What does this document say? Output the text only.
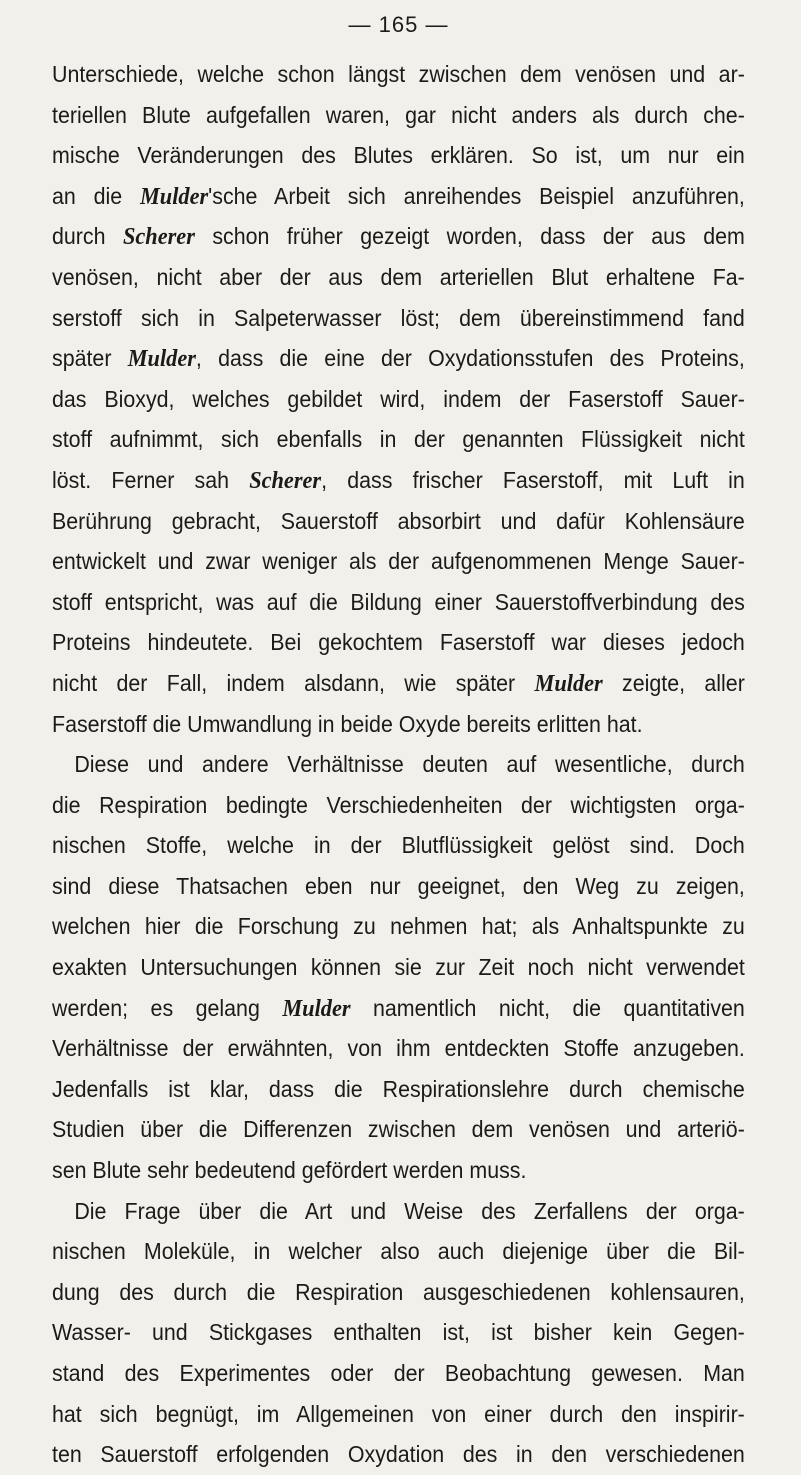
— 165 —
Unterschiede, welche schon längst zwischen dem venösen und ar-
teriellen Blute aufgefallen waren, gar nicht anders als durch che-
mische Veränderungen des Blutes erklären. So ist, um nur ein
an die Mulder'sche Arbeit sich anreihendes Beispiel anzuführen,
durch Scherer schon früher gezeigt worden, dass der aus dem
venösen, nicht aber der aus dem arteriellen Blut erhaltene Fa-
serstoff sich in Salpeterwasser löst; dem übereinstimmend fand
später Mulder, dass die eine der Oxydationsstufen des Proteins,
das Bioxyd, welches gebildet wird, indem der Faserstoff Sauer-
stoff aufnimmt, sich ebenfalls in der genannten Flüssigkeit nicht
löst. Ferner sah Scherer, dass frischer Faserstoff, mit Luft in
Berührung gebracht, Sauerstoff absorbirt und dafür Kohlensäure
entwickelt und zwar weniger als der aufgenommenen Menge Sauer-
stoff entspricht, was auf die Bildung einer Sauerstoffverbindung des
Proteins hindeutete. Bei gekochtem Faserstoff war dieses jedoch
nicht der Fall, indem alsdann, wie später Mulder zeigte, aller
Faserstoff die Umwandlung in beide Oxyde bereits erlitten hat.
Diese und andere Verhältnisse deuten auf wesentliche, durch
die Respiration bedingte Verschiedenheiten der wichtigsten orga-
nischen Stoffe, welche in der Blutflüssigkeit gelöst sind. Doch
sind diese Thatsachen eben nur geeignet, den Weg zu zeigen,
welchen hier die Forschung zu nehmen hat; als Anhaltspunkte zu
exakten Untersuchungen können sie zur Zeit noch nicht verwendet
werden; es gelang Mulder namentlich nicht, die quantitativen
Verhältnisse der erwähnten, von ihm entdeckten Stoffe anzugeben.
Jedenfalls ist klar, dass die Respirationslehre durch chemische
Studien über die Differenzen zwischen dem venösen und arteriö-
sen Blute sehr bedeutend gefördert werden muss.
Die Frage über die Art und Weise des Zerfallens der orga-
nischen Moleküle, in welcher also auch diejenige über die Bil-
dung des durch die Respiration ausgeschiedenen kohlensauren,
Wasser- und Stickgases enthalten ist, ist bisher kein Gegen-
stand des Experimentes oder der Beobachtung gewesen. Man
hat sich begnügt, im Allgemeinen von einer durch den inspirir-
ten Sauerstoff erfolgenden Oxydation des in den verschiedenen
